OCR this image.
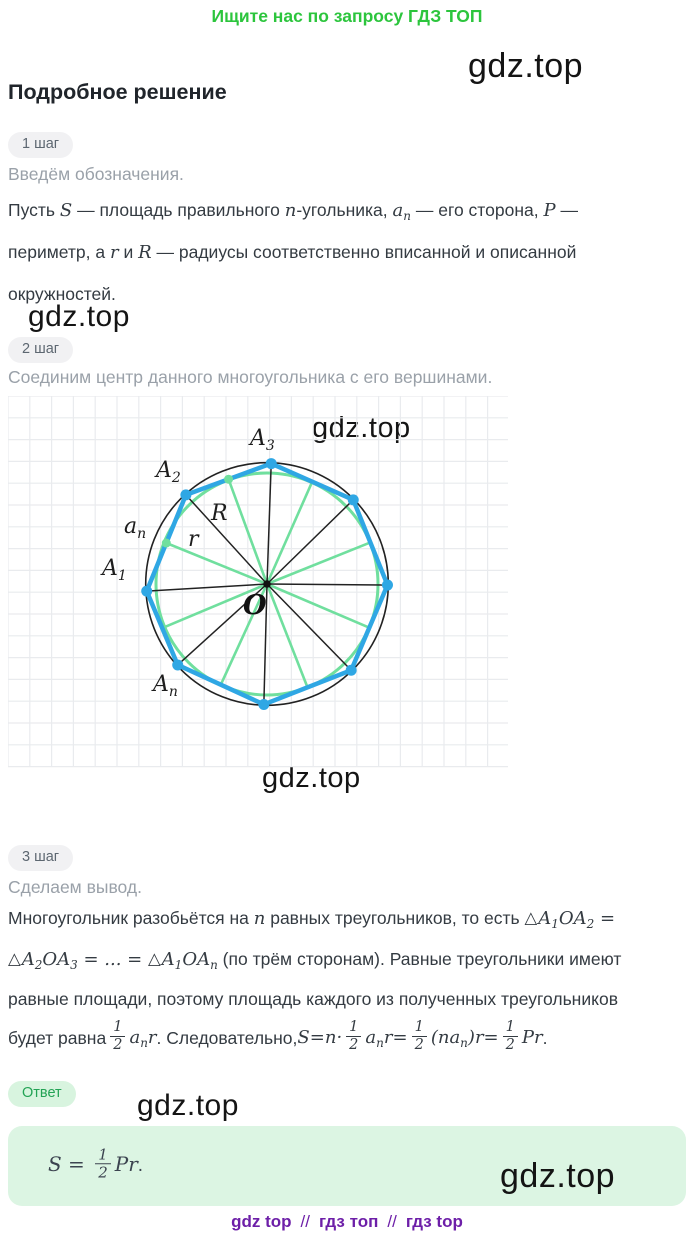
Ищите нас по запросу ГДЗ ТОП
gdz.top
gdz.top
gdz.top
gdz.top
gdz.top
Подробное решение
1 шаг
Введём обозначения.
Пусть S — площадь правильного n-угольника, $a_n$ — его сторона, P —
периметр, а r и R — радиусы соответственно вписанной и описанной
окружностей.
2 шаг
Соединим центр данного многоугольника с его вершинами.
$A_3$
$A_2$
$a_n$
$A_1$
R
r
O
$A_n$
3 шаг
Сделаем вывод.
Многоугольник разобьётся на n равных треугольников, то есть $\triangle A_1OA_2$ =
$\triangle A_2OA_3$ = ... = $\triangle A_1OA_n$ (по трём сторонам). Равные треугольники имеют
равные площади, поэтому площадь каждого из полученных треугольников
будет равна $\frac{1}{2} a_n$ r . Следовательно, $S = n \cdot \frac{1}{2} a_n$ $r = \frac{1}{2} (n$ $a_n$ ) $r = \frac{1}{2}$ Pr .
Ответ
$S = \frac{1}{2} Pr$.	gdz.top
gdz top // гдз топ // гдз top
